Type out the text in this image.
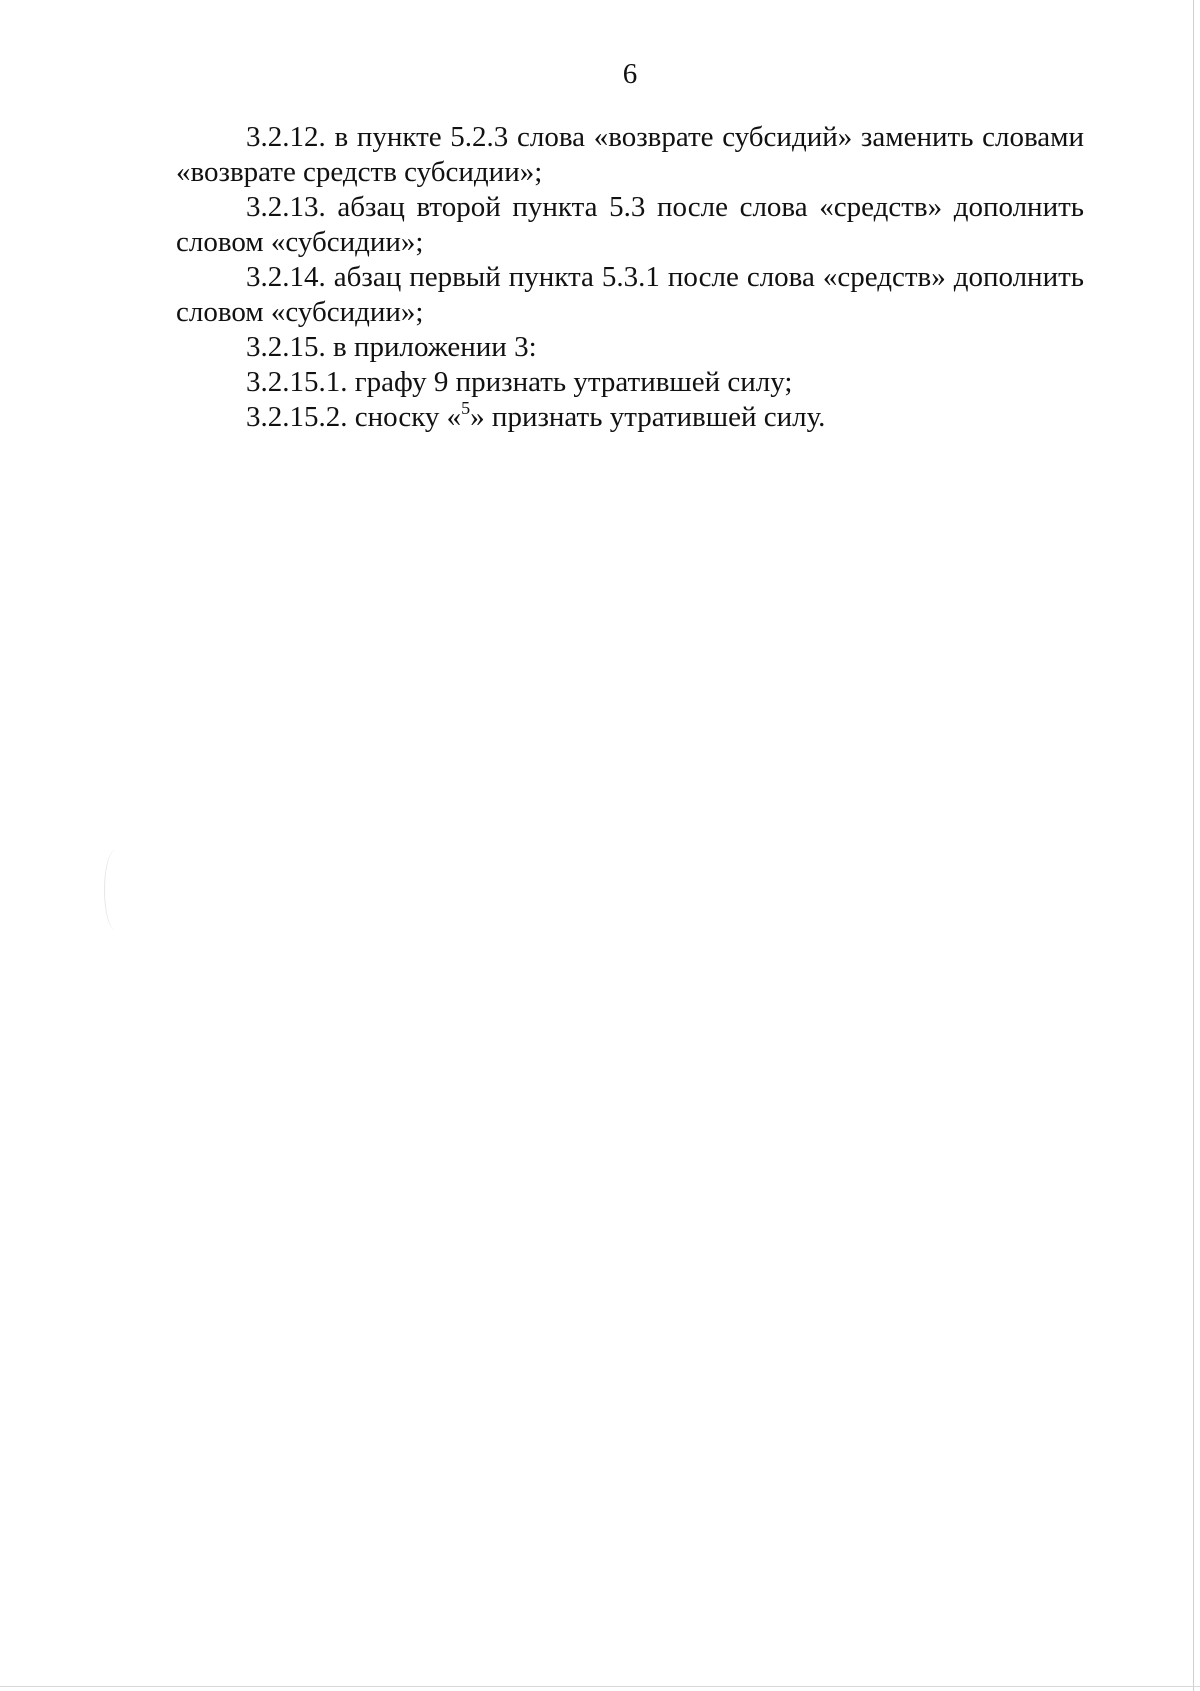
6

3.2.12. в пункте 5.2.3 слова «возврате субсидий» заменить словами «возврате средств субсидии»;

3.2.13. абзац второй пункта 5.3 после слова «средств» дополнить словом «субсидии»;

3.2.14. абзац первый пункта 5.3.1 после слова «средств» дополнить словом «субсидии»;

3.2.15. в приложении 3:

3.2.15.1. графу 9 признать утратившей силу;

3.2.15.2. сноску «$^5$» признать утратившей силу.
